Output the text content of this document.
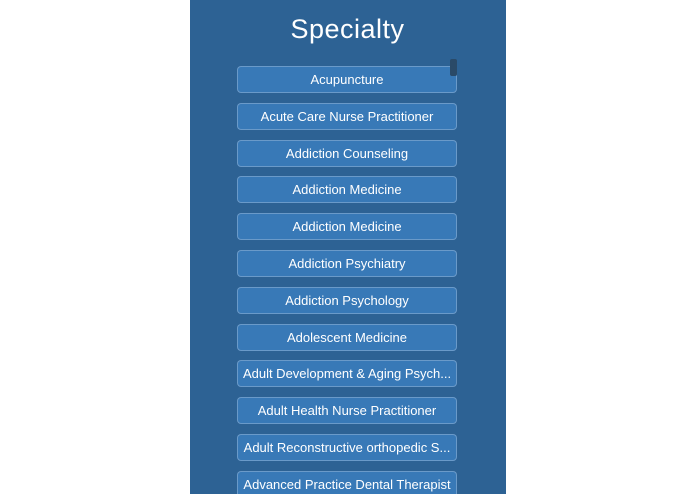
Specialty
Acupuncture
Acute Care Nurse Practitioner
Addiction Counseling
Addiction Medicine
Addiction Medicine
Addiction Psychiatry
Addiction Psychology
Adolescent Medicine
Adult Development & Aging Psych...
Adult Health Nurse Practitioner
Adult Reconstructive orthopedic S...
Advanced Practice Dental Therapist
